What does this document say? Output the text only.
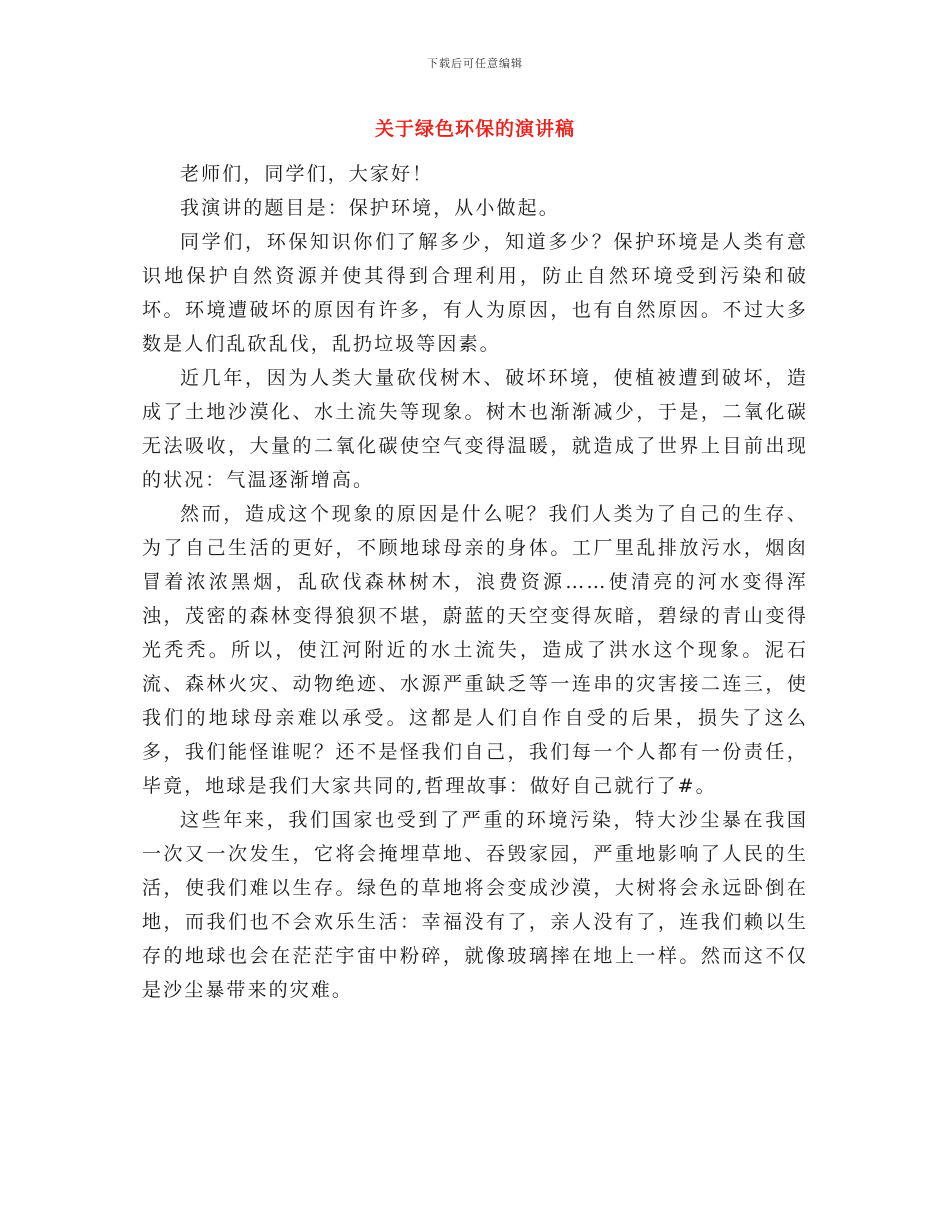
下载后可任意编辑
关于绿色环保的演讲稿

老师们，同学们，大家好！

我演讲的题目是：保护环境，从小做起。

同学们，环保知识你们了解多少，知道多少？保护环境是人类有意识地保护自然资源并使其得到合理利用，防止自然环境受到污染和破坏。环境遭破坏的原因有许多，有人为原因，也有自然原因。不过大多数是人们乱砍乱伐，乱扔垃圾等因素。

近几年，因为人类大量砍伐树木、破坏环境，使植被遭到破坏，造成了土地沙漠化、水土流失等现象。树木也渐渐减少，于是，二氧化碳无法吸收，大量的二氧化碳使空气变得温暖，就造成了世界上目前出现的状况：气温逐渐增高。

然而，造成这个现象的原因是什么呢？我们人类为了自己的生存、为了自己生活的更好，不顾地球母亲的身体。工厂里乱排放污水，烟囱冒着浓浓黑烟，乱砍伐森林树木，浪费资源……使清亮的河水变得浑浊，茂密的森林变得狼狈不堪，蔚蓝的天空变得灰暗，碧绿的青山变得光秃秃。所以，使江河附近的水土流失，造成了洪水这个现象。泥石流、森林火灾、动物绝迹、水源严重缺乏等一连串的灾害接二连三，使我们的地球母亲难以承受。这都是人们自作自受的后果，损失了这么多，我们能怪谁呢？还不是怪我们自己，我们每一个人都有一份责任，毕竟，地球是我们大家共同的,哲理故事：做好自己就行了#。

这些年来，我们国家也受到了严重的环境污染，特大沙尘暴在我国一次又一次发生，它将会掩埋草地、吞毁家园，严重地影响了人民的生活，使我们难以生存。绿色的草地将会变成沙漠，大树将会永远卧倒在地，而我们也不会欢乐生活：幸福没有了，亲人没有了，连我们赖以生存的地球也会在茫茫宇宙中粉碎，就像玻璃摔在地上一样。然而这不仅是沙尘暴带来的灾难。
